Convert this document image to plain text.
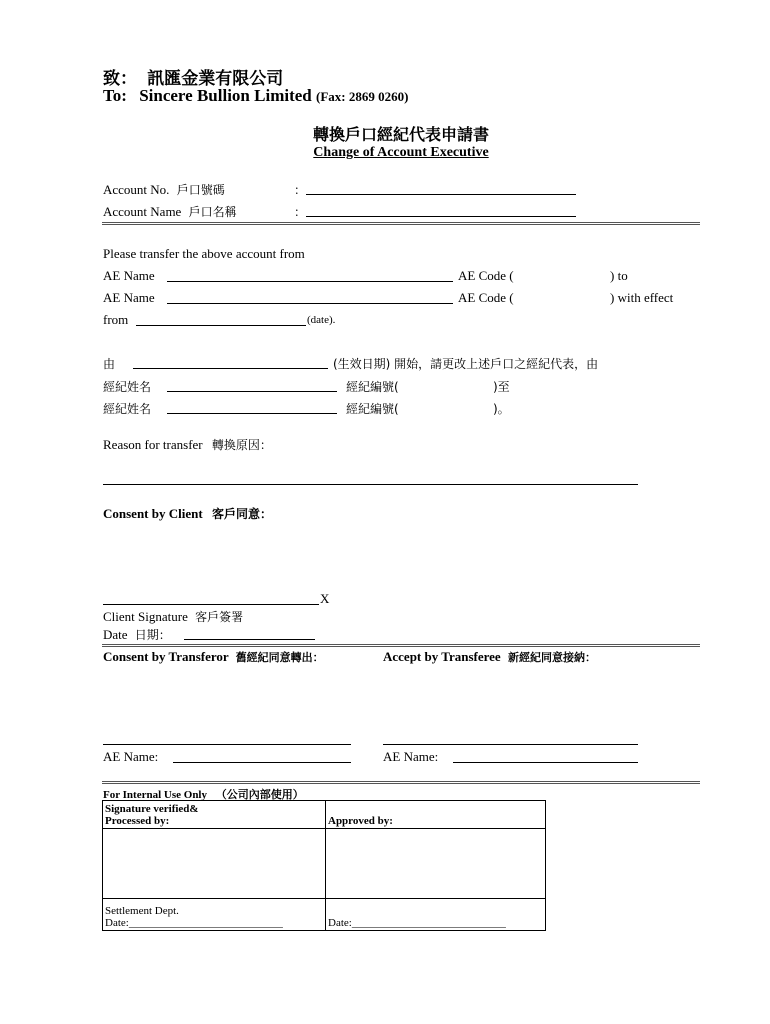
致： 訊匯金業有限公司
To: Sincere Bullion Limited (Fax: 2869 0260)
轉換戶口經紀代表申請書
Change of Account Executive
Account No. 戶口號碼	：
Account Name 戶口名稱	：
Please transfer the above account from
AE Name	AE Code (	) to
AE Name	AE Code (	) with effect
from	(date).
由	(生效日期) 開始，請更改上述戶口之經紀代表，由
經紀姓名	經紀編號(	)至
經紀姓名	經紀編號(	)。
Reason for transfer 轉換原因：
Consent by Client 客戶同意：
X
Client Signature 客戶簽署
Date 日期：
Consent by Transferor 舊經紀同意轉出：	Accept by Transferee 新經紀同意接納：
AE Name:	AE Name:
For Internal Use Only （公司內部使用）
Signature verified&
Processed by:	Approved by:

Settlement Dept.
Date:____________________________	Date:____________________________
